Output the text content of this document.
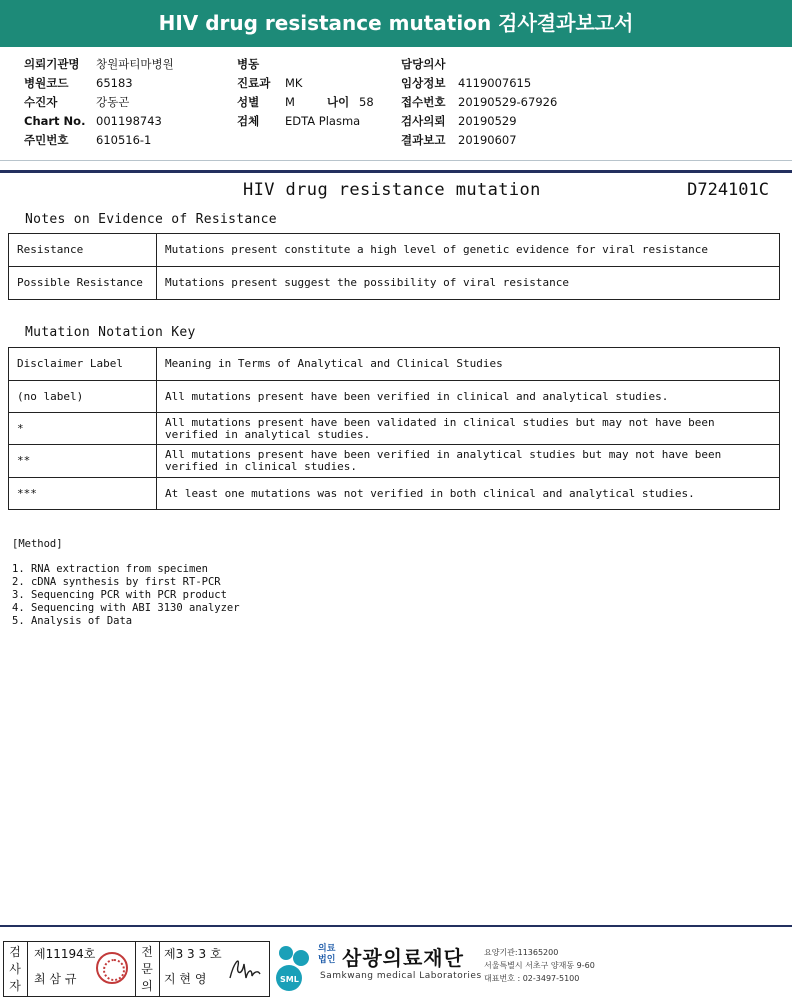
HIV drug resistance mutation 검사결과보고서
의뢰기관명 창원파티마병원
병원코드 65183
수진자	강동곤
Chart No. 001198743
주민번호 610516-1
병동
진료과 MK
성별 M	나이 58
검체 EDTA Plasma
담당의사
임상정보 4119007615
접수번호 20190529-67926
검사의뢰 20190529
결과보고 20190607
HIV drug resistance mutation	D724101C
Notes on Evidence of Resistance
Resistance	Mutations present constitute a high level of genetic evidence for viral resistance
Possible Resistance	Mutations present suggest the possibility of viral resistance
Mutation Notation Key
Disclaimer Label	Meaning in Terms of Analytical and Clinical Studies
(no label)	All mutations present have been verified in clinical and analytical studies.
*	All mutations present have been validated in clinical studies but may not have been verified in analytical studies.
**	All mutations present have been verified in analytical studies but may not have been verified in clinical studies.
***	At least one mutations was not verified in both clinical and analytical studies.
[Method]
1. RNA extraction from specimen
2. cDNA synthesis by first RT-PCR
3. Sequencing PCR with PCR product
4. Sequencing with ABI 3130 analyzer
5. Analysis of Data
검
사
자
제11194호
최 삼 규
전
문
의
제3 3 3 호
지 현 영	SML
의료
법인 삼광의료재단
Samkwang medical Laboratories
요양기관:11365200
서울특별시 서초구 양재동 9-60
대표번호 : 02-3497-5100
